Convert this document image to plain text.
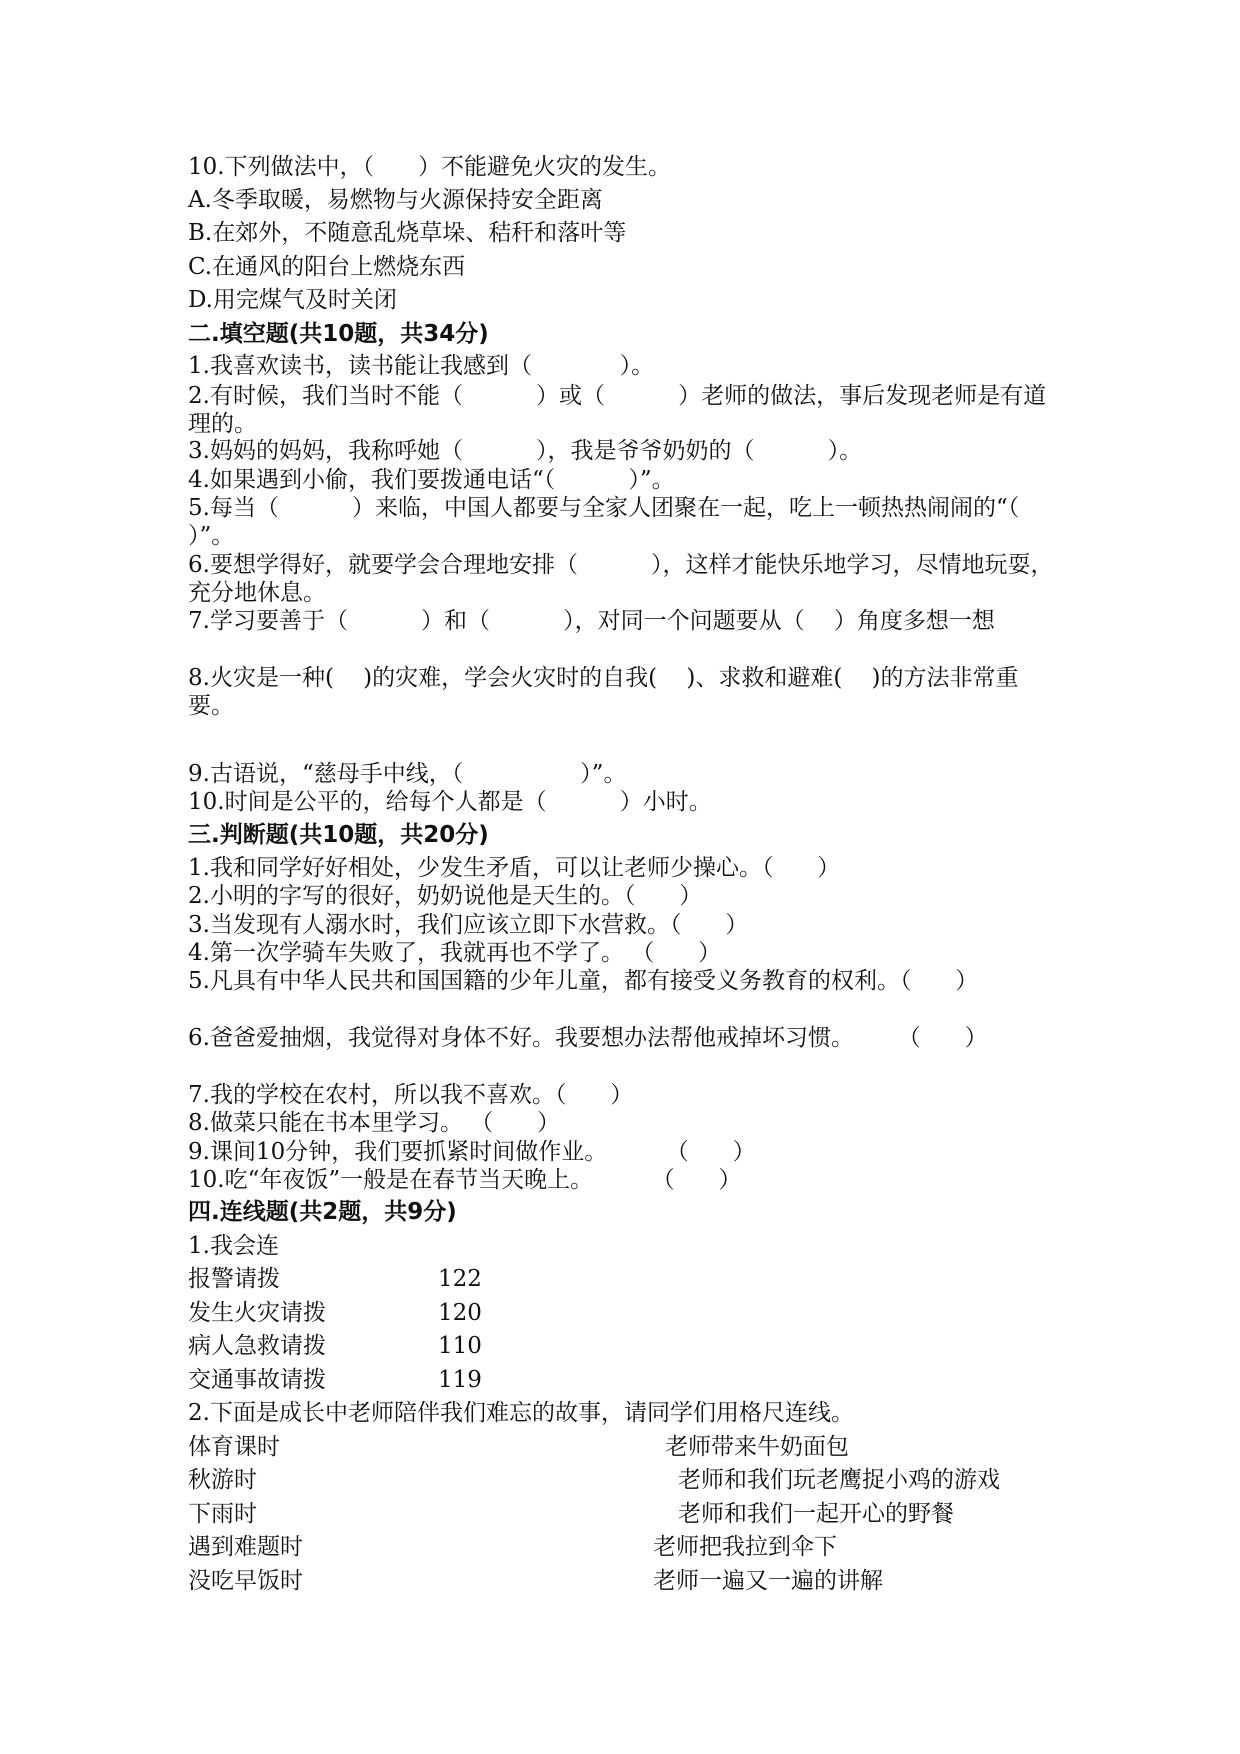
10.下列做法中，（      ）不能避免火灾的发生。
A.冬季取暖，易燃物与火源保持安全距离
B.在郊外，不随意乱烧草垛、秸秆和落叶等
C.在通风的阳台上燃烧东西
D.用完煤气及时关闭
二.填空题(共10题，共34分)
1.我喜欢读书，读书能让我感到（            ）。
2.有时候，我们当时不能（          ）或（          ）老师的做法，事后发现老师是有道理的。
3.妈妈的妈妈，我称呼她（          ），我是爷爷奶奶的（          ）。
4.如果遇到小偷，我们要拨通电话“（          ）”。
5.每当（          ）来临，中国人都要与全家人团聚在一起，吃上一顿热热闹闹的“（          ）”。
6.要想学得好，就要学会合理地安排（          ），这样才能快乐地学习，尽情地玩耍，充分地休息。
7.学习要善于（          ）和（          ），对同一个问题要从（    ）角度多想一想
8.火灾是一种(    )的灾难，学会火灾时的自我(    )、求救和避难(    )的方法非常重要。
9.古语说，“慈母手中线，（                ）”。
10.时间是公平的，给每个人都是（          ）小时。
三.判断题(共10题，共20分)
1.我和同学好好相处，少发生矛盾，可以让老师少操心。（      ）
2.小明的字写的很好，奶奶说他是天生的。（      ）
3.当发现有人溺水时，我们应该立即下水营救。（      ）
4.第一次学骑车失败了，我就再也不学了。 （      ）
5.凡具有中华人民共和国国籍的少年儿童，都有接受义务教育的权利。（      ）
6.爸爸爱抽烟，我觉得对身体不好。我要想办法帮他戒掉坏习惯。      （      ）
7.我的学校在农村，所以我不喜欢。（      ）
8.做菜只能在书本里学习。 （      ）
9.课间10分钟，我们要抓紧时间做作业。        （      ）
10.吃“年夜饭”一般是在春节当天晚上。        （      ）
四.连线题(共2题，共9分)
1.我会连
报警请拨	122
发生火灾请拨	120
病人急救请拨	110
交通事故请拨	119
2.下面是成长中老师陪伴我们难忘的故事，请同学们用格尺连线。
体育课时	老师带来牛奶面包
秋游时	老师和我们玩老鹰捉小鸡的游戏
下雨时	老师和我们一起开心的野餐
遇到难题时	老师把我拉到伞下
没吃早饭时	老师一遍又一遍的讲解
